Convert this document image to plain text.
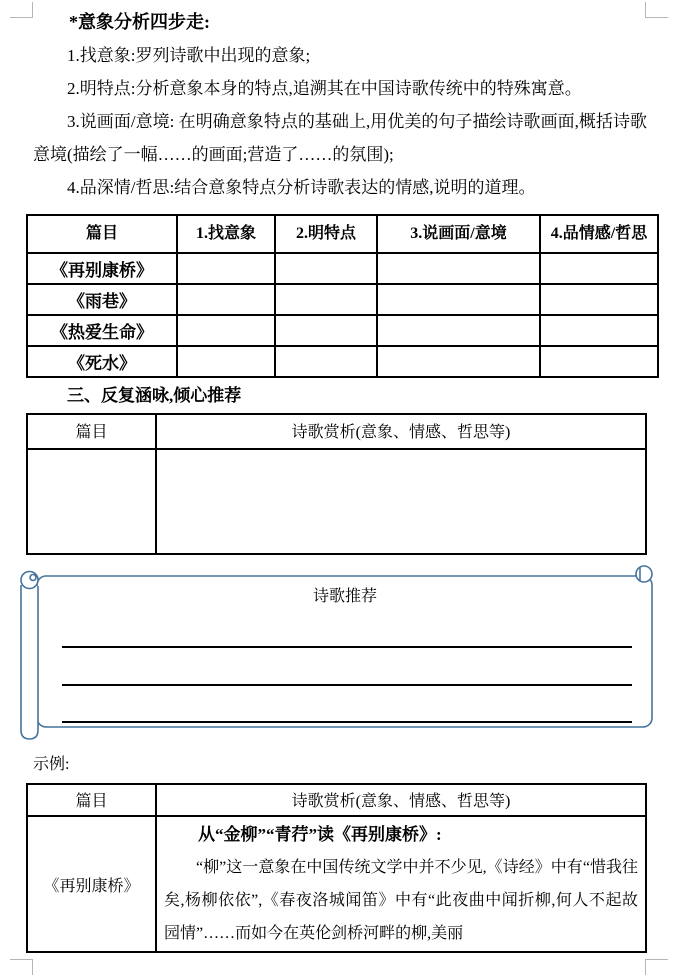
*意象分析四步走:

1.找意象:罗列诗歌中出现的意象;

2.明特点:分析意象本身的特点,追溯其在中国诗歌传统中的特殊寓意。

3.说画面/意境: 在明确意象特点的基础上,用优美的句子描绘诗歌画面,概括诗歌意境(描绘了一幅……的画面;营造了……的氛围);

4.品深情/哲思:结合意象特点分析诗歌表达的情感,说明的道理。

篇目	1.找意象	2.明特点	3.说画面/意境	4.品情感/哲思
《再别康桥》				
《雨巷》				
《热爱生命》				
《死水》				
三、反复涵咏,倾心推荐
篇目	诗歌赏析(意象、情感、哲思等)

诗歌推荐
示例:
篇目	诗歌赏析(意象、情感、哲思等)
《再别康桥》	从“金柳”“青荇”读《再别康桥》:
“柳”这一意象在中国传统文学中并不少见,《诗经》中有“惜我往矣,杨柳依依”,《春夜洛城闻笛》中有“此夜曲中闻折柳,何人不起故园情”……而如今在英伦剑桥河畔的柳,美丽
